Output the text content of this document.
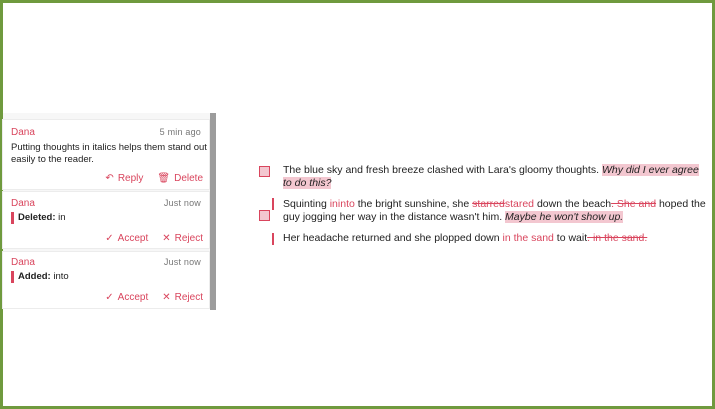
Dana	5 min ago
Putting thoughts in italics helps them stand out easily to the reader.
↶ Reply 🗑 Delete
Dana	Just now
Deleted: in
✓ Accept ✕ Reject
Dana	Just now
Added: into
✓ Accept ✕ Reject
The blue sky and fresh breeze clashed with Lara's gloomy thoughts. Why did I ever agree to do this?
Squinting ininto the bright sunshine, she starredstared down the beach. She and hoped the guy jogging her way in the distance wasn't him. Maybe he won't show up.
Her headache returned and she plopped down in the sand to wait. in the sand.
